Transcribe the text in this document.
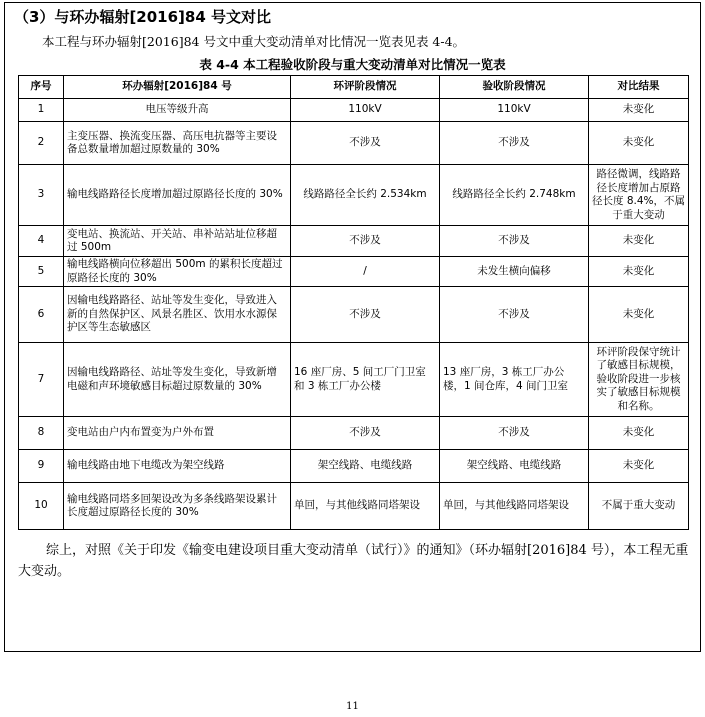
（3）与环办辐射[2016]84 号文对比
本工程与环办辐射[2016]84 号文中重大变动清单对比情况一览表见表 4-4。
表 4-4 本工程验收阶段与重大变动清单对比情况一览表
序号	环办辐射[2016]84 号	环评阶段情况	验收阶段情况	对比结果
1	电压等级升高	110kV	110kV	未变化
2	主变压器、换流变压器、高压电抗器等主要设备总数量增加超过原数量的 30%	不涉及	不涉及	未变化
3	输电线路路径长度增加超过原路径长度的 30%	线路路径全长约 2.534km	线路路径全长约 2.748km	路径微调，线路路径长度增加占原路径长度 8.4%，不属于重大变动
4	变电站、换流站、开关站、串补站站址位移超过 500m	不涉及	不涉及	未变化
5	输电线路横向位移超出 500m 的累积长度超过原路径长度的 30%	/	未发生横向偏移	未变化
6	因输电线路路径、站址等发生变化，导致进入新的自然保护区、风景名胜区、饮用水水源保护区等生态敏感区	不涉及	不涉及	未变化
7	因输电线路路径、站址等发生变化，导致新增电磁和声环境敏感目标超过原数量的 30%	16 座厂房、5 间工厂门卫室和 3 栋工厂办公楼	13 座厂房，3 栋工厂办公楼，1 间仓库，4 间门卫室	环评阶段保守统计了敏感目标规模，验收阶段进一步核实了敏感目标规模和名称。
8	变电站由户内布置变为户外布置	不涉及	不涉及	未变化
9	输电线路由地下电缆改为架空线路	架空线路、电缆线路	架空线路、电缆线路	未变化
10	输电线路同塔多回架设改为多条线路架设累计长度超过原路径长度的 30%	单回，与其他线路同塔架设	单回，与其他线路同塔架设	不属于重大变动
综上，对照《关于印发《输变电建设项目重大变动清单（试行）》的通知》（环办辐射[2016]84 号），本工程无重大变动。
11
